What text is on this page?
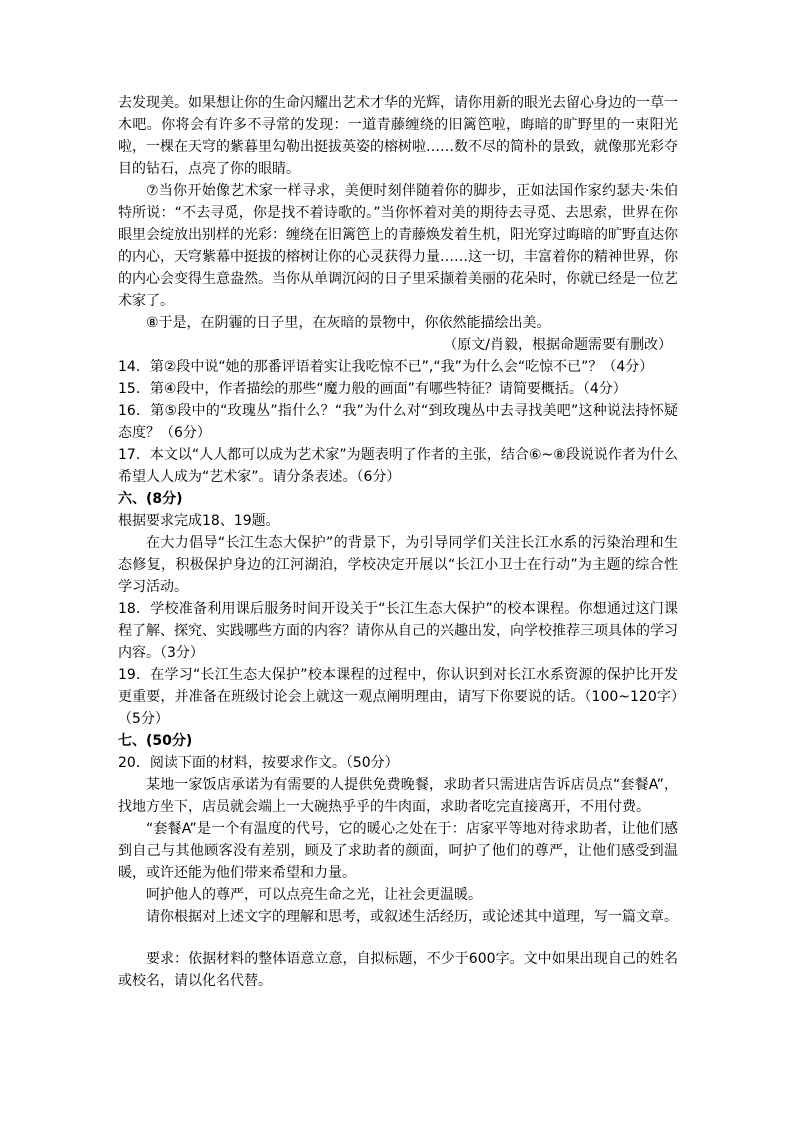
去发现美。如果想让你的生命闪耀出艺术才华的光辉，请你用新的眼光去留心身边的一草一木吧。你将会有许多不寻常的发现：一道青藤缠绕的旧篱笆啦，晦暗的旷野里的一束阳光啦，一棵在天穹的紫暮里勾勒出挺拔英姿的榕树啦……数不尽的简朴的景致，就像那光彩夺目的钻石，点亮了你的眼睛。

⑦当你开始像艺术家一样寻求，美便时刻伴随着你的脚步，正如法国作家约瑟夫·朱伯特所说：“不去寻觅，你是找不着诗歌的。”当你怀着对美的期待去寻觅、去思索，世界在你眼里会绽放出别样的光彩：缠绕在旧篱笆上的青藤焕发着生机，阳光穿过晦暗的旷野直达你的内心，天穹紫幕中挺拔的榕树让你的心灵获得力量……这一切，丰富着你的精神世界，你的内心会变得生意盎然。当你从单调沉闷的日子里采撷着美丽的花朵时，你就已经是一位艺术家了。

⑧于是，在阴霾的日子里，在灰暗的景物中，你依然能描绘出美。

（原文/肖毅，根据命题需要有删改）

14．第②段中说“她的那番评语着实让我吃惊不已”,“我”为什么会“吃惊不已”？（4分）

15．第④段中，作者描绘的那些“魔力般的画面”有哪些特征？请简要概括。（4分）

16．第⑤段中的“玫瑰丛”指什么？“我”为什么对“到玫瑰丛中去寻找美吧”这种说法持怀疑态度？（6分）

17．本文以“人人都可以成为艺术家”为题表明了作者的主张，结合⑥~⑧段说说作者为什么希望人人成为“艺术家”。请分条表述。（6分）

六、(8分)

根据要求完成18、19题。

在大力倡导“长江生态大保护”的背景下，为引导同学们关注长江水系的污染治理和生态修复，积极保护身边的江河湖泊，学校决定开展以“长江小卫士在行动”为主题的综合性学习活动。

18．学校准备利用课后服务时间开设关于“长江生态大保护”的校本课程。你想通过这门课程了解、探究、实践哪些方面的内容？请你从自己的兴趣出发，向学校推荐三项具体的学习内容。（3分）

19．在学习“长江生态大保护”校本课程的过程中，你认识到对长江水系资源的保护比开发更重要，并准备在班级讨论会上就这一观点阐明理由，请写下你要说的话。（100~120字）（5分）

七、(50分)

20．阅读下面的材料，按要求作文。（50分）

某地一家饭店承诺为有需要的人提供免费晚餐，求助者只需进店告诉店员点“套餐A”，找地方坐下，店员就会端上一大碗热乎乎的牛肉面，求助者吃完直接离开，不用付费。

“套餐A”是一个有温度的代号，它的暖心之处在于：店家平等地对待求助者，让他们感到自己与其他顾客没有差别，顾及了求助者的颜面，呵护了他们的尊严，让他们感受到温暖，或许还能为他们带来希望和力量。

呵护他人的尊严，可以点亮生命之光，让社会更温暖。

请你根据对上述文字的理解和思考，或叙述生活经历，或论述其中道理，写一篇文章。

要求：依据材料的整体语意立意，自拟标题，不少于600字。文中如果出现自己的姓名或校名，请以化名代替。
